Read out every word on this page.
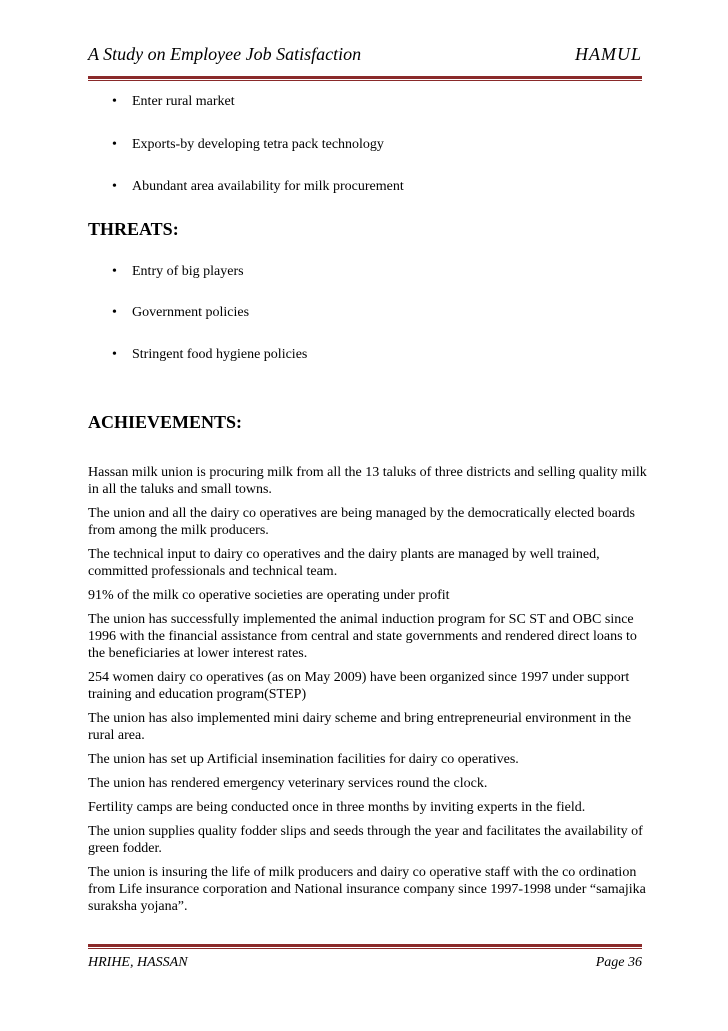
A Study on Employee Job Satisfaction	HAMUL
• Enter rural market
• Exports-by developing tetra pack technology
• Abundant area availability for milk procurement
THREATS:
• Entry of big players
• Government policies
• Stringent food hygiene policies
ACHIEVEMENTS:
Hassan milk union is procuring milk from all the 13 taluks of three districts and selling quality milk in all the taluks and small towns.
The union and all the dairy co operatives are being managed by the democratically elected boards from among the milk producers.
The technical input to dairy co operatives and the dairy plants are managed by well trained, committed professionals and technical team.
91% of the milk co operative societies are operating under profit
The union has successfully implemented the animal induction program for SC ST and OBC since 1996 with the financial assistance from central and state governments and rendered direct loans to the beneficiaries at lower interest rates.
254 women dairy co operatives (as on May 2009) have been organized since 1997 under support training and education program(STEP)
The union has also implemented mini dairy scheme and bring entrepreneurial environment in the rural area.
The union has set up Artificial insemination facilities for dairy co operatives.
The union has rendered emergency veterinary services round the clock.
Fertility camps are being conducted once in three months by inviting experts in the field.
The union supplies quality fodder slips and seeds through the year and facilitates the availability of green fodder.
The union is insuring the life of milk producers and dairy co operative staff with the co ordination from Life insurance corporation and National insurance company since 1997-1998 under “samajika suraksha yojana”.
HRIHE, HASSAN	Page 36
